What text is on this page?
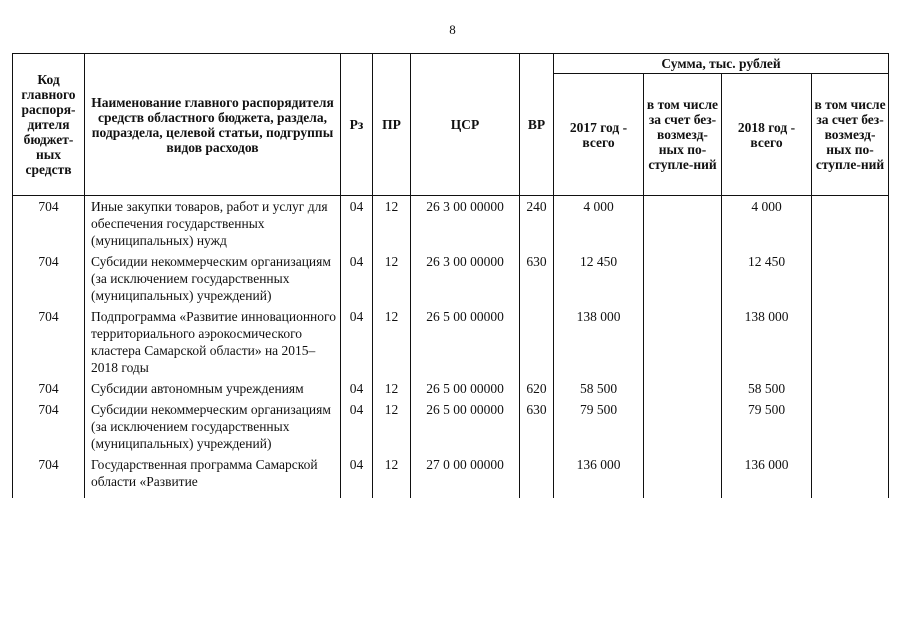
8
Код главного распоря-дителя бюджет-ных средств	Наименование главного распорядителя средств областного бюджета, раздела, подраздела, целевой статьи, подгруппы видов расходов	Рз	ПР	ЦСР	ВР	Сумма, тыс. рублей			
						2017 год - всего	в том числе за счет без-возмезд-ных по-ступле-ний	2018 год - всего	в том числе за счет без-возмезд-ных по-ступле-ний
704	Иные закупки товаров, работ и услуг для обеспечения государственных (муниципальных) нужд	04	12	26 3 00 00000	240	4 000		4 000	
704	Субсидии некоммерческим организациям (за исключением государственных (муниципальных) учреждений)	04	12	26 3 00 00000	630	12 450		12 450	
704	Подпрограмма «Развитие инновационного территориального аэрокосмического кластера Самарской области» на 2015–2018 годы	04	12	26 5 00 00000		138 000		138 000	
704	Субсидии автономным учреждениям	04	12	26 5 00 00000	620	58 500		58 500	
704	Субсидии некоммерческим организациям (за исключением государственных (муниципальных) учреждений)	04	12	26 5 00 00000	630	79 500		79 500	
704	Государственная программа Самарской области «Развитие	04	12	27 0 00 00000		136 000		136 000	
